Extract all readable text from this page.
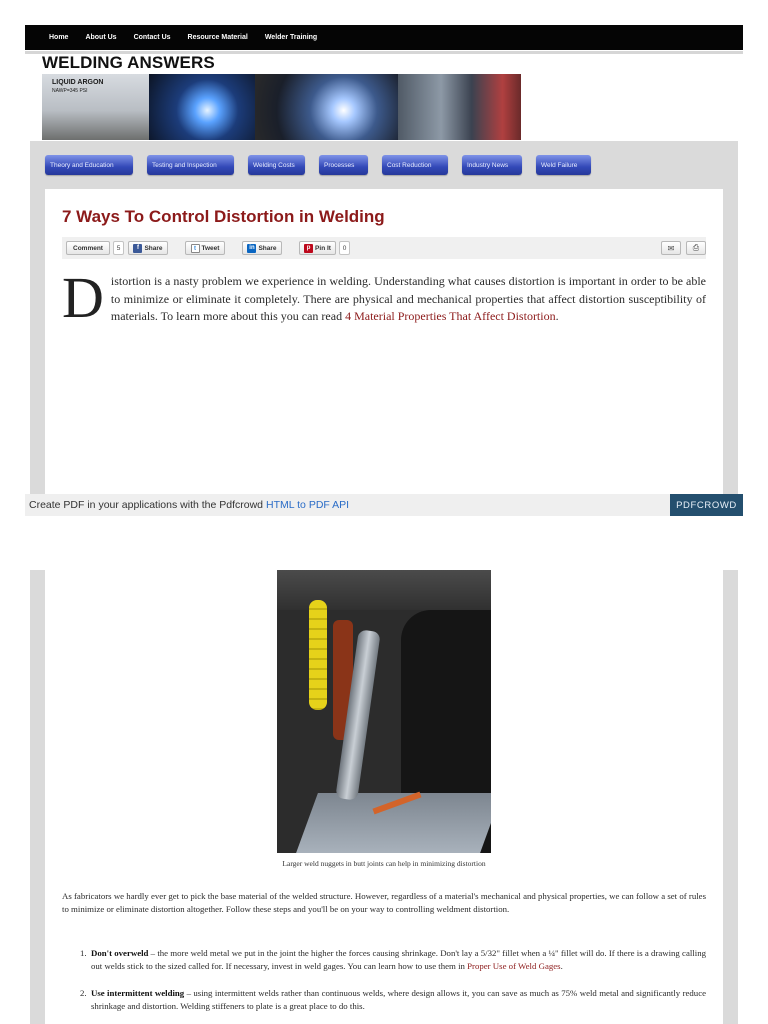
Home About Us Contact Us Resource Material Welder Training
WELDING ANSWERS
LIQUID ARGON
NAWP=345 PSI
Theory and Education	Testing and Inspection	Welding Costs	Processes	Cost Reduction	Industry News	Weld Failure
7 Ways To Control Distortion in Welding
Comment	5	f Share	t Tweet	in Share	p Pin It	0	✉ ⎙

Distortion is a nasty problem we experience in welding. Understanding what causes distortion is important in order to be able to minimize or eliminate it completely. There are physical and mechanical properties that affect distortion susceptibility of materials. To learn more about this you can read 4 Material Properties That Affect Distortion.

Create PDF in your applications with the Pdfcrowd HTML to PDF API	PDFCROWD
Larger weld nuggets in butt joints can help in minimizing distortion

As fabricators we hardly ever get to pick the base material of the welded structure. However, regardless of a material's mechanical and physical properties, we can follow a set of rules to minimize or eliminate distortion altogether. Follow these steps and you'll be on your way to controlling weldment distortion.

1. Don't overweld – the more weld metal we put in the joint the higher the forces causing shrinkage. Don't lay a 5/32" fillet when a ¼" fillet will do. If there is a drawing calling out welds stick to the sized called for. If necessary, invest in weld gages. You can learn how to use them in Proper Use of Weld Gages.
2. Use intermittent welding – using intermittent welds rather than continuous welds, where design allows it, you can save as much as 75% weld metal and significantly reduce shrinkage and distortion. Welding stiffeners to plate is a great place to do this.
